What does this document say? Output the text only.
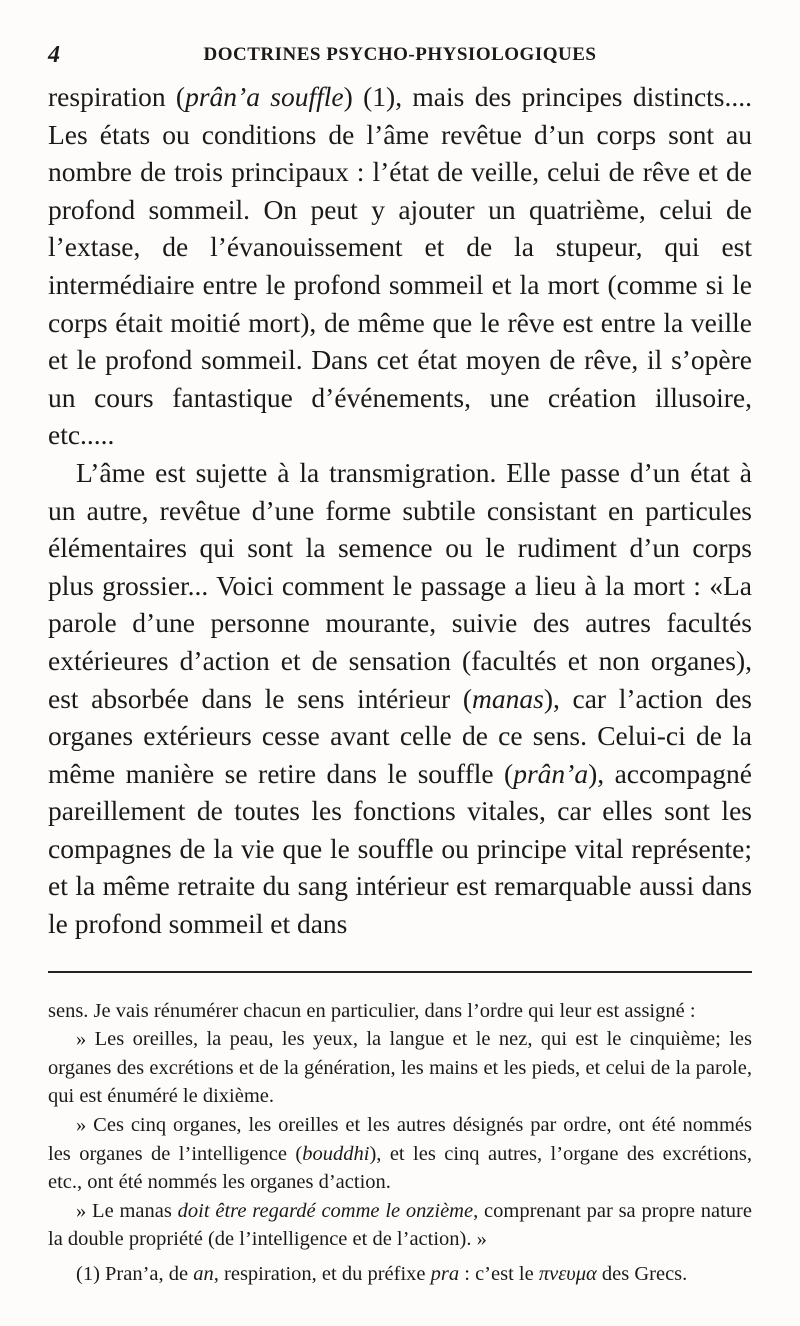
4	DOCTRINES PSYCHO-PHYSIOLOGIQUES

respiration (prân’a souffle) (1), mais des principes distincts.... Les états ou conditions de l’âme revêtue d’un corps sont au nombre de trois principaux : l’état de veille, celui de rêve et de profond sommeil. On peut y ajouter un quatrième, celui de l’extase, de l’évanouissement et de la stupeur, qui est intermédiaire entre le profond sommeil et la mort (comme si le corps était moitié mort), de même que le rêve est entre la veille et le profond sommeil. Dans cet état moyen de rêve, il s’opère un cours fantastique d’événements, une création illusoire, etc.....

L’âme est sujette à la transmigration. Elle passe d’un état à un autre, revêtue d’une forme subtile consistant en particules élémentaires qui sont la semence ou le rudiment d’un corps plus grossier... Voici comment le passage a lieu à la mort : «La parole d’une personne mourante, suivie des autres facultés extérieures d’action et de sensation (facultés et non organes), est absorbée dans le sens intérieur (manas), car l’action des organes extérieurs cesse avant celle de ce sens. Celui-ci de la même manière se retire dans le souffle (prân’a), accompagné pareillement de toutes les fonctions vitales, car elles sont les compagnes de la vie que le souffle ou principe vital représente; et la même retraite du sang intérieur est remarquable aussi dans le profond sommeil et dans

sens. Je vais rénumérer chacun en particulier, dans l’ordre qui leur est assigné :

» Les oreilles, la peau, les yeux, la langue et le nez, qui est le cinquième; les organes des excrétions et de la génération, les mains et les pieds, et celui de la parole, qui est énuméré le dixième.

» Ces cinq organes, les oreilles et les autres désignés par ordre, ont été nommés les organes de l’intelligence (bouddhi), et les cinq autres, l’organe des excrétions, etc., ont été nommés les organes d’action.

» Le manas doit être regardé comme le onzième, comprenant par sa propre nature la double propriété (de l’intelligence et de l’action). »

(1) Pran’a, de an, respiration, et du préfixe pra : c’est le πνευμα des Grecs.
